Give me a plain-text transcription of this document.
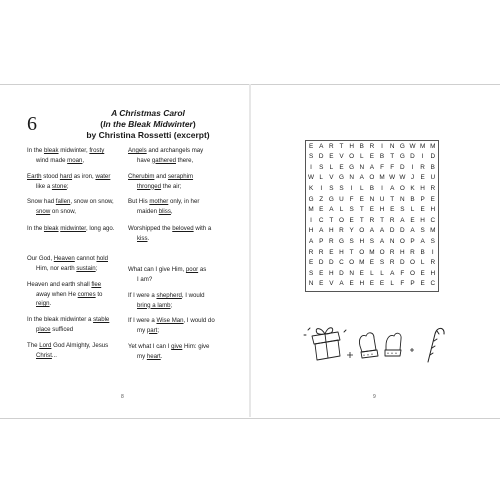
6	A Christmas Carol
(In the Bleak Midwinter)
by Christina Rossetti (excerpt)
In the bleak midwinter, frosty
wind made moan,
Earth stood hard as iron, water
like a stone;
Snow had fallen, snow on snow,
snow on snow,
In the bleak midwinter, long ago.
Angels and archangels may
have gathered there,
Cherubim and seraphim
thronged the air;
But His mother only, in her
maiden bliss,
Worshipped the beloved with a
kiss.
Our God, Heaven cannot hold
Him, nor earth sustain;
Heaven and earth shall flee
away when He comes to
reign.
In the bleak midwinter a stable
place sufficed
The Lord God Almighty, Jesus
Christ...
What can I give Him, poor as
I am?
If I were a shepherd, I would
bring a lamb;
If I were a Wise Man, I would do
my part;
Yet what I can I give Him: give
my heart.
8	9
E A R T H B R I N G W M M
S D E V O L E B T G D I D
I S L E G N A F F D I R B
W L V G N A O M W W J E U
K I S S I L B I A O K H R
G Z G U F E N U T N B P E
M E A L S T E H E S L E H
I C T O E T R T R A E H C
H A H R Y O A A D D A S M
A P R G S H S A N O P A S
R R E H T O M O R H R B I
E D D C O M E S R D O L R
S E H D N E L L A F O E H
N E V A E H E E L F P E C
